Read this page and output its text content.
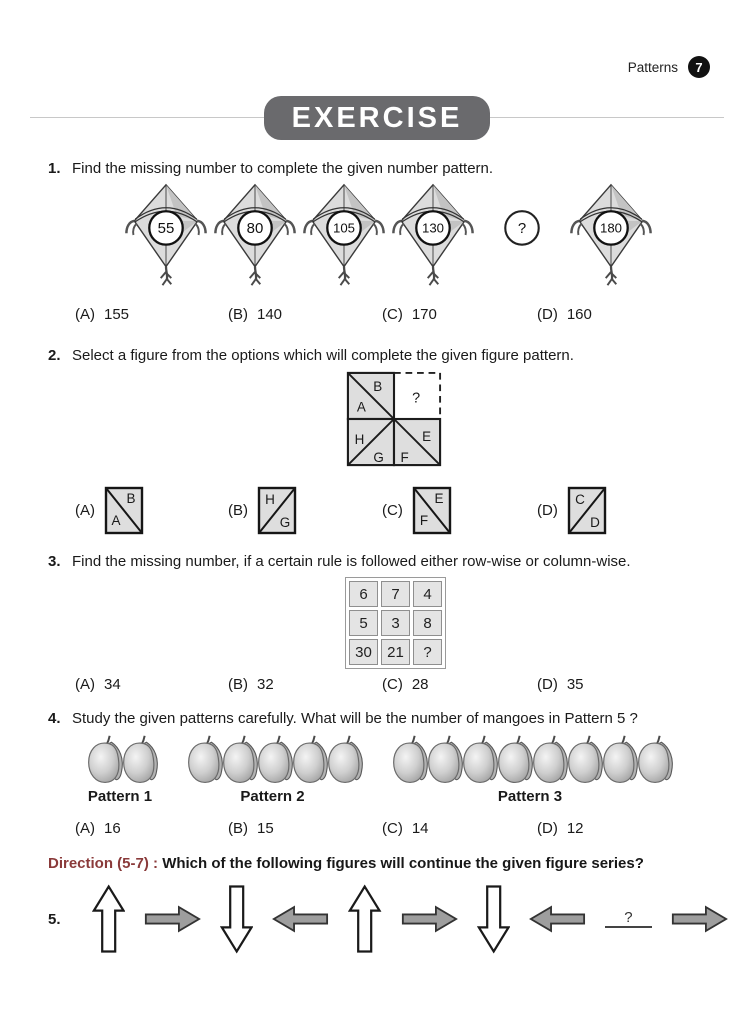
Patterns	7
EXERCISE
1. Find the missing number to complete the given number pattern.
55	80	105	130	?	180
(A) 155	(B) 140	(C) 170	(D) 160
2. Select a figure from the options which will complete the given figure pattern.
B
A
?
H
G
E
F
(A)
B
A
(B)
H
G
(C)
E
F
(D)
C
D
3. Find the missing number, if a certain rule is followed either row-wise or column-wise.
6	7	4
5	3	8
30	21	?
(A) 34	(B) 32	(C) 28	(D) 35
4. Study the given patterns carefully. What will be the number of mangoes in Pattern 5 ?
Pattern 1	Pattern 2	Pattern 3
(A) 16	(B) 15	(C) 14	(D) 12
Direction (5-7) : Which of the following figures will continue the given figure series?
5.	?
